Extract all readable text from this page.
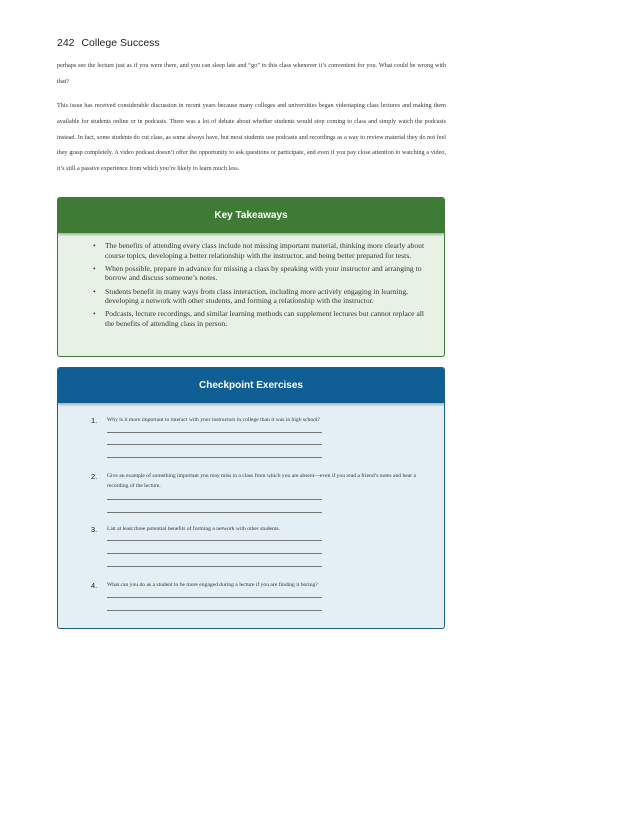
242 College Success
perhaps see the lecture just as if you were there, and you can sleep late and “go” to this class whenever it’s convenient for you. What could be wrong with that?
This issue has received considerable discussion in recent years because many colleges and universities began videotaping class lectures and making them available for students online or in podcasts. There was a lot of debate about whether students would stop coming to class and simply watch the podcasts instead. In fact, some students do cut class, as some always have, but most students use podcasts and recordings as a way to review material they do not feel they grasp completely. A video podcast doesn’t offer the opportunity to ask questions or participate, and even if you pay close attention to watching a video, it’s still a passive experience from which you’re likely to learn much less.
Key Takeaways
• The benefits of attending every class include not missing important material, thinking more clearly about course topics, developing a better relationship with the instructor, and being better prepared for tests.
• When possible, prepare in advance for missing a class by speaking with your instructor and arranging to borrow and discuss someone’s notes.
• Students benefit in many ways from class interaction, including more actively engaging in learning, developing a network with other students, and forming a relationship with the instructor.
• Podcasts, lecture recordings, and similar learning methods can supplement lectures but cannot replace all the benefits of attending class in person.
Checkpoint Exercises
1. Why is it more important to interact with your instructors in college than it was in high school?
2. Give an example of something important you may miss in a class from which you are absent—even if you read a friend’s notes and hear a recording of the lecture.
3. List at least three potential benefits of forming a network with other students.
4. What can you do as a student to be more engaged during a lecture if you are finding it boring?
